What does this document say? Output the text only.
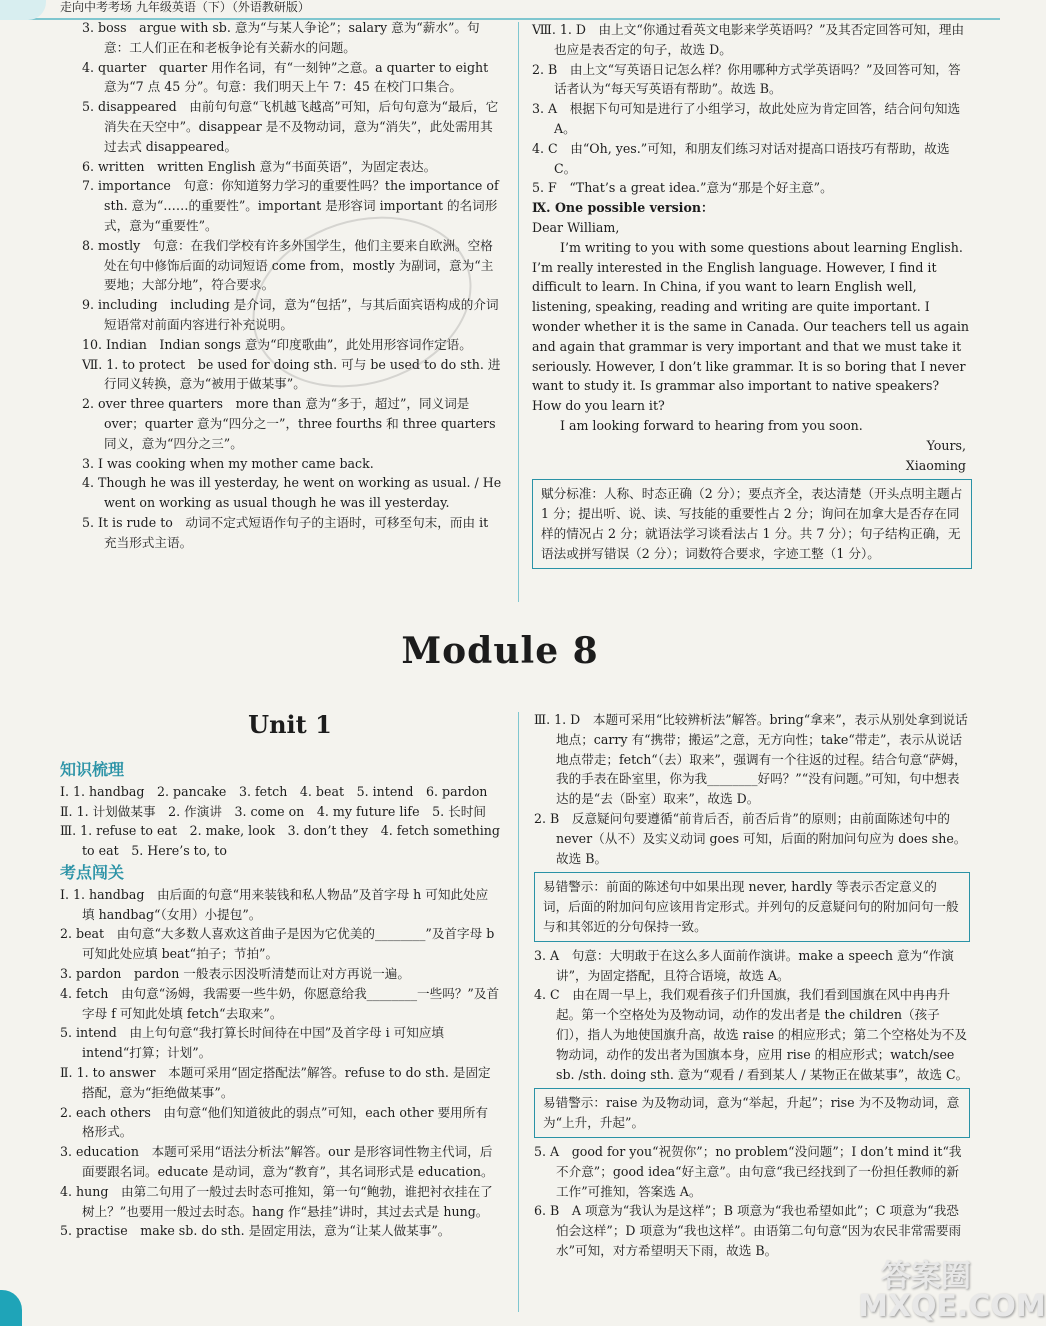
走向中考考场 九年级英语（下）（外语教研版）

3. boss　argue with sb. 意为“与某人争论”；salary 意为“薪水”。句意：工人们正在和老板争论有关薪水的问题。

4. quarter　quarter 用作名词，有“一刻钟”之意。a quarter to eight 意为“7 点 45 分”。句意：我们明天上午 7：45 在校门口集合。

5. disappeared　由前句句意“飞机越飞越高”可知，后句句意为“最后，它消失在天空中”。disappear 是不及物动词，意为“消失”，此处需用其过去式 disappeared。

6. written　written English 意为“书面英语”，为固定表达。

7. importance　句意：你知道努力学习的重要性吗？the importance of sth. 意为“……的重要性”。important 是形容词 important 的名词形式，意为“重要性”。

8. mostly　句意：在我们学校有许多外国学生，他们主要来自欧洲。空格处在句中修饰后面的动词短语 come from，mostly 为副词，意为“主要地；大部分地”，符合要求。

9. including　including 是介词，意为“包括”，与其后面宾语构成的介词短语常对前面内容进行补充说明。

10. Indian　Indian songs 意为“印度歌曲”，此处用形容词作定语。

Ⅶ. 1. to protect　be used for doing sth. 可与 be used to do sth. 进行同义转换，意为“被用于做某事”。

2. over three quarters　more than 意为“多于，超过”，同义词是 over；quarter 意为“四分之一”，three fourths 和 three quarters 同义，意为“四分之三”。

3. I was cooking when my mother came back.

4. Though he was ill yesterday, he went on working as usual. / He went on working as usual though he was ill yesterday.

5. It is rude to　动词不定式短语作句子的主语时，可移至句末，而由 it 充当形式主语。

Ⅷ. 1. D　由上文“你通过看英文电影来学英语吗？”及其否定回答可知，理由也应是表否定的句子，故选 D。

2. B　由上文“写英语日记怎么样？你用哪种方式学英语吗？”及回答可知，答话者认为“每天写英语有帮助”。故选 B。

3. A　根据下句可知是进行了小组学习，故此处应为肯定回答，结合问句知选 A。

4. C　由“Oh, yes.”可知，和朋友们练习对话对提高口语技巧有帮助，故选 C。

5. F　“That’s a great idea.”意为“那是个好主意”。

Ⅸ. One possible version：

Dear William,

I’m writing to you with some questions about learning English. I’m really interested in the English language. However, I find it difficult to learn. In China, if you want to learn English well, listening, speaking, reading and writing are quite important. I wonder whether it is the same in Canada. Our teachers tell us again and again that grammar is very important and that we must take it seriously. However, I don’t like grammar. It is so boring that I never want to study it. Is grammar also important to native speakers? How do you learn it?

I am looking forward to hearing from you soon.

Yours,

Xiaoming

赋分标准：人称、时态正确（2 分）；要点齐全，表达清楚（开头点明主题占 1 分；提出听、说、读、写技能的重要性占 2 分；询问在加拿大是否存在同样的情况占 2 分；就语法学习谈看法占 1 分。共 7 分）；句子结构正确，无语法或拼写错误（2 分）；词数符合要求，字迹工整（1 分）。
Module 8
Unit 1
知识梳理

Ⅰ. 1. handbag　2. pancake　3. fetch　4. beat　5. intend　6. pardon

Ⅱ. 1. 计划做某事　2. 作演讲　3. come on　4. my future life　5. 长时间

Ⅲ. 1. refuse to eat　2. make, look　3. don’t they　4. fetch something to eat　5. Here’s to, to

考点闯关

Ⅰ. 1. handbag　由后面的句意“用来装钱和私人物品”及首字母 h 可知此处应填 handbag“（女用）小提包”。

2. beat　由句意“大多数人喜欢这首曲子是因为它优美的________”及首字母 b 可知此处应填 beat“拍子；节拍”。

3. pardon　pardon 一般表示因没听清楚而让对方再说一遍。

4. fetch　由句意“汤姆，我需要一些牛奶，你愿意给我________一些吗？”及首字母 f 可知此处填 fetch“去取来”。

5. intend　由上句句意“我打算长时间待在中国”及首字母 i 可知应填 intend“打算；计划”。

Ⅱ. 1. to answer　本题可采用“固定搭配法”解答。refuse to do sth. 是固定搭配，意为“拒绝做某事”。

2. each others　由句意“他们知道彼此的弱点”可知，each other 要用所有格形式。

3. education　本题可采用“语法分析法”解答。our 是形容词性物主代词，后面要跟名词。educate 是动词，意为“教育”，其名词形式是 education。

4. hung　由第二句用了一般过去时态可推知，第一句“鲍勃，谁把衬衣挂在了树上？”也要用一般过去时态。hang 作“悬挂”讲时，其过去式是 hung。

5. practise　make sb. do sth. 是固定用法，意为“让某人做某事”。

Ⅲ. 1. D　本题可采用“比较辨析法”解答。bring“拿来”，表示从别处拿到说话地点；carry 有“携带；搬运”之意，无方向性；take“带走”，表示从说话地点带走；fetch“（去）取来”，强调有一个往返的过程。结合句意“萨姆，我的手表在卧室里，你为我________好吗？”“没有问题。”可知，句中想表达的是“去（卧室）取来”，故选 D。

2. B　反意疑问句要遵循“前肯后否，前否后肯”的原则；由前面陈述句中的 never（从不）及实义动词 goes 可知，后面的附加问句应为 does she。故选 B。

易错警示：前面的陈述句中如果出现 never, hardly 等表示否定意义的词，后面的附加问句应该用肯定形式。并列句的反意疑问句的附加问句一般与和其邻近的分句保持一致。

3. A　句意：大明敢于在这么多人面前作演讲。make a speech 意为“作演讲”，为固定搭配，且符合语境，故选 A。

4. C　由在周一早上，我们观看孩子们升国旗，我们看到国旗在风中冉冉升起。第一个空格处为及物动词，动作的发出者是 the children（孩子们），指人为地使国旗升高，故选 raise 的相应形式；第二个空格处为不及物动词，动作的发出者为国旗本身，应用 rise 的相应形式；watch/see sb. /sth. doing sth. 意为“观看 / 看到某人 / 某物正在做某事”，故选 C。

易错警示：raise 为及物动词，意为“举起，升起”；rise 为不及物动词，意为“上升，升起”。

5. A　good for you“祝贺你”；no problem“没问题”；I don’t mind it“我不介意”；good idea“好主意”。由句意“我已经找到了一份担任教师的新工作”可推知，答案选 A。

6. B　A 项意为“我认为是这样”；B 项意为“我也希望如此”；C 项意为“我恐怕会这样”；D 项意为“我也这样”。由语第二句句意“因为农民非常需要雨水”可知，对方希望明天下雨，故选 B。

答案圈 MXQE.COM
